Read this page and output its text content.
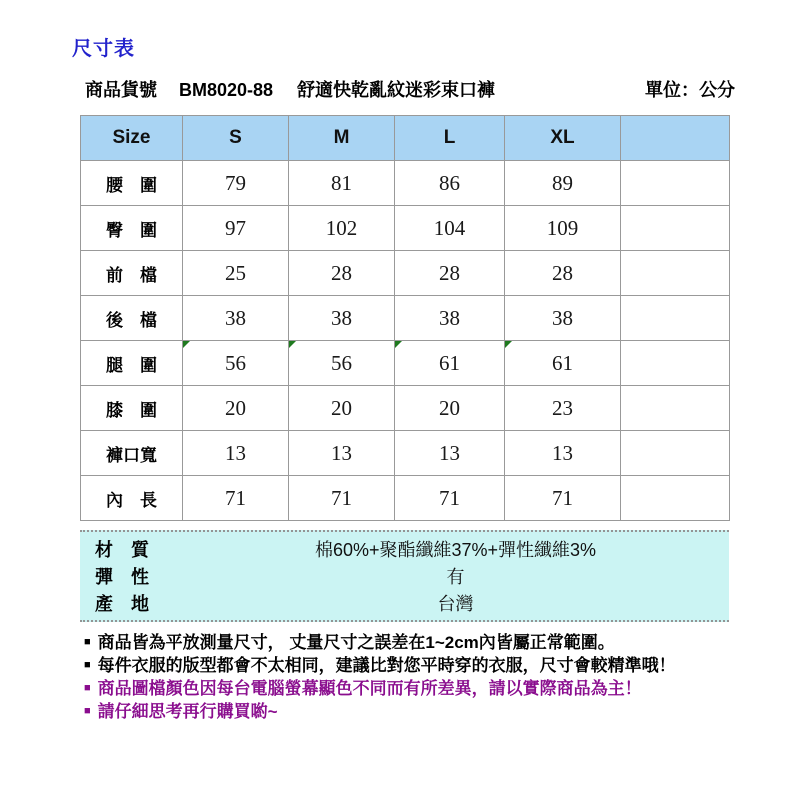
尺寸表
商品貨號 BM8020-88 舒適快乾亂紋迷彩束口褲	單位：公分
Size	S	M	L	XL	
腰　圍	79	81	86	89	
臀　圍	97	102	104	109	
前　檔	25	28	28	28	
後　檔	38	38	38	38	
腿　圍	56	56	61	61	
膝　圍	20	20	20	23	
褲口寬	13	13	13	13	
內　長	71	71	71	71	
材　質	棉60%+聚酯纖維37%+彈性纖維3%
彈　性	有
產　地	台灣
■ 商品皆為平放測量尺寸， 丈量尺寸之誤差在1~2cm內皆屬正常範圍。
■ 每件衣服的版型都會不太相同，建議比對您平時穿的衣服，尺寸會較精準哦！
■ 商品圖檔顏色因每台電腦螢幕顯色不同而有所差異，請以實際商品為主！
■ 請仔細思考再行購買喲~
